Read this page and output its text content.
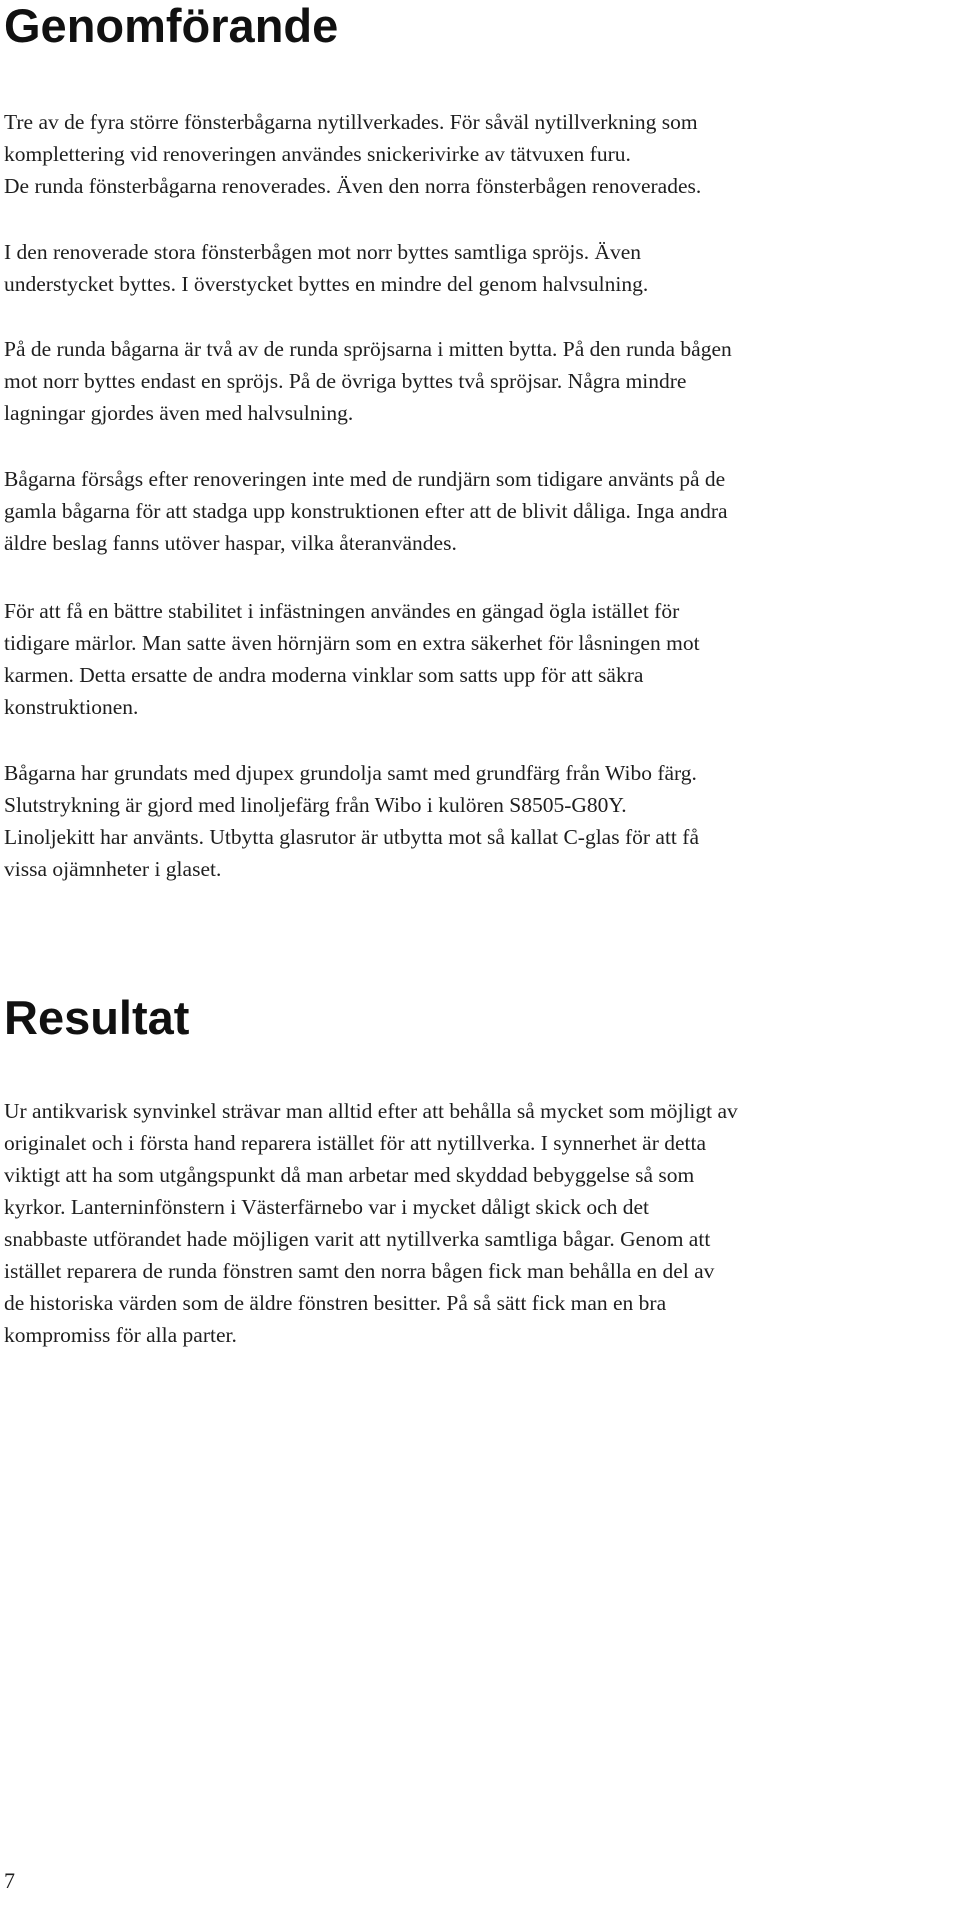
Genomförande

Tre av de fyra större fönsterbågarna nytillverkades. För såväl nytillverkning som
komplettering vid renoveringen användes snickerivirke av tätvuxen furu.
De runda fönsterbågarna renoverades. Även den norra fönsterbågen renoverades.

I den renoverade stora fönsterbågen mot norr byttes samtliga spröjs. Även
understycket byttes. I överstycket byttes en mindre del genom halvsulning.

På de runda bågarna är två av de runda spröjsarna i mitten bytta. På den runda bågen
mot norr byttes endast en spröjs. På de övriga byttes två spröjsar. Några mindre
lagningar gjordes även med halvsulning.

Bågarna försågs efter renoveringen inte med de rundjärn som tidigare använts på de
gamla bågarna för att stadga upp konstruktionen efter att de blivit dåliga. Inga andra
äldre beslag fanns utöver haspar, vilka återanvändes.

För att få en bättre stabilitet i infästningen användes en gängad ögla istället för
tidigare märlor. Man satte även hörnjärn som en extra säkerhet för låsningen mot
karmen. Detta ersatte de andra moderna vinklar som satts upp för att säkra
konstruktionen.

Bågarna har grundats med djupex grundolja samt med grundfärg från Wibo färg.
Slutstrykning är gjord med linoljefärg från Wibo i kulören S8505-G80Y.
Linoljekitt har använts. Utbytta glasrutor är utbytta mot så kallat C-glas för att få
vissa ojämnheter i glaset.

Resultat

Ur antikvarisk synvinkel strävar man alltid efter att behålla så mycket som möjligt av
originalet och i första hand reparera istället för att nytillverka. I synnerhet är detta
viktigt att ha som utgångspunkt då man arbetar med skyddad bebyggelse så som
kyrkor. Lanterninfönstern i Västerfärnebo var i mycket dåligt skick och det
snabbaste utförandet hade möjligen varit att nytillverka samtliga bågar. Genom att
istället reparera de runda fönstren samt den norra bågen fick man behålla en del av
de historiska värden som de äldre fönstren besitter. På så sätt fick man en bra
kompromiss för alla parter.

7
